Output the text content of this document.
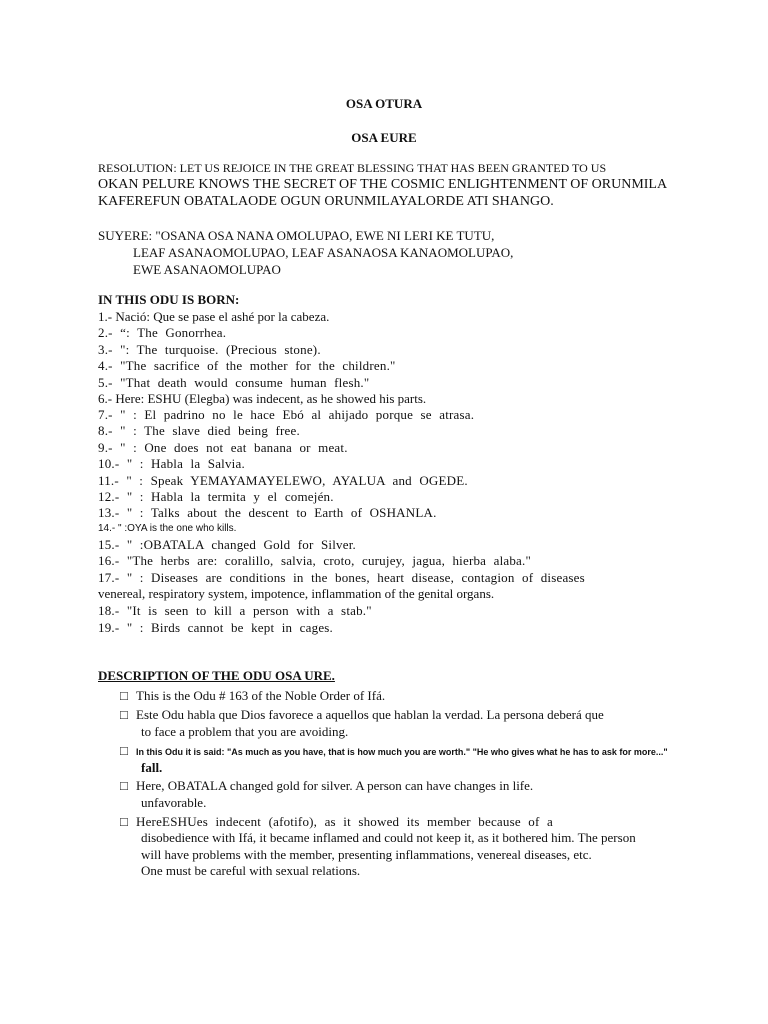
OSA OTURA
OSA EURE
RESOLUTION: LET US REJOICE IN THE GREAT BLESSING THAT HAS BEEN GRANTED TO US
OKAN PELURE KNOWS THE SECRET OF THE COSMIC ENLIGHTENMENT OF ORUNMILA
KAFEREFUN OBATALAODE OGUN ORUNMILAYALORDE ATI SHANGO.
SUYERE: "OSANA OSA NANA OMOLUPAO, EWE NI LERI KE TUTU,
LEAF ASANAOMOLUPAO, LEAF ASANAOSA KANAOMOLUPAO,
EWE ASANAOMOLUPAO
IN THIS ODU IS BORN:
1.- Nació: Que se pase el ashé por la cabeza.
2.- “: The Gonorrhea.
3.- ": The turquoise. (Precious stone).
4.- "The sacrifice of the mother for the children."
5.- "That death would consume human flesh."
6.- Here: ESHU (Elegba) was indecent, as he showed his parts.
7.- " : El padrino no le hace Ebó al ahijado porque se atrasa.
8.- " : The slave died being free.
9.- " : One does not eat banana or meat.
10.- " : Habla la Salvia.
11.- " : Speak YEMAYAMAYELEWO, AYALUA and OGEDE.
12.- " : Habla la termita y el comején.
13.- " : Talks about the descent to Earth of OSHANLA.
14.- " :OYA is the one who kills.
15.- " :OBATALA changed Gold for Silver.
16.- "The herbs are: coralillo, salvia, croto, curujey, jagua, hierba alaba."
17.- " : Diseases are conditions in the bones, heart disease, contagion of diseases
venereal, respiratory system, impotence, inflammation of the genital organs.
18.- "It is seen to kill a person with a stab."
19.- " : Birds cannot be kept in cages.
DESCRIPTION OF THE ODU OSA URE.
□ This is the Odu # 163 of the Noble Order of Ifá.
□ Este Odu habla que Dios favorece a aquellos que hablan la verdad. La persona deberá que
to face a problem that you are avoiding.
□ In this Odu it is said: "As much as you have, that is how much you are worth." "He who gives what he has to ask for more..."
fall.
□ Here, OBATALA changed gold for silver. A person can have changes in life.
unfavorable.
□ HereESHUes indecent (afotifo), as it showed its member because of a
disobedience with Ifá, it became inflamed and could not keep it, as it bothered him. The person
will have problems with the member, presenting inflammations, venereal diseases, etc.
One must be careful with sexual relations.
